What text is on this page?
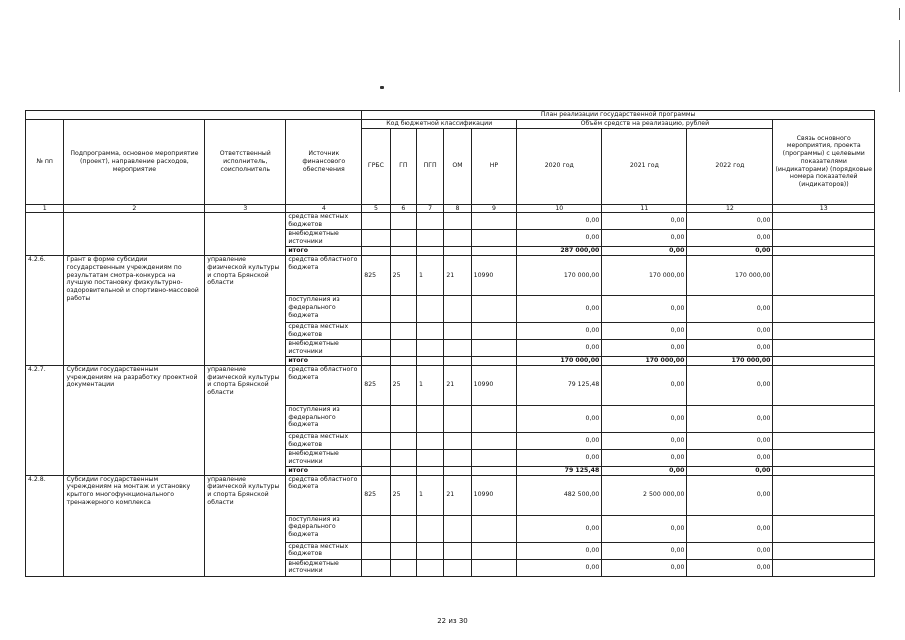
				План реализации государственной программы								
№ пп	Подпрограмма, основное мероприятие (проект), направление расходов, мероприятие	Ответственный исполнитель, соисполнитель	Источник финансового обеспечения	Код бюджетной классификации					Объём средств на реализацию, рублей			Связь основного мероприятия, проекта (программы) с целевыми показателями (индикаторами) (порядковые номера показателей (индикаторов))
				ГРБС	ГП	ПГП	ОМ	НР	2020 год	2021 год	2022 год	
1	2	3	4	5	6	7	8	9	10	11	12	13
			средства местных бюджетов						0,00	0,00	0,00	
			внебюджетные источники						0,00	0,00	0,00	
			итого						287 000,00	0,00	0,00	
4.2.6.	Грант в форме субсидии государственным учреждениям по результатам смотра-конкурса на лучшую постановку физкультурно-оздоровительной и спортивно-массовой работы	управление физической культуры и спорта Брянской области	средства областного бюджета	825	25	1	21	10990	170 000,00	170 000,00	170 000,00	
			поступления из федерального бюджета						0,00	0,00	0,00	
			средства местных бюджетов						0,00	0,00	0,00	
			внебюджетные источники						0,00	0,00	0,00	
			итого						170 000,00	170 000,00	170 000,00	
4.2.7.	Субсидии государственным учреждениям на разработку проектной документации	управление физической культуры и спорта Брянской области	средства областного бюджета	825	25	1	21	10990	79 125,48	0,00	0,00	
			поступления из федерального бюджета						0,00	0,00	0,00	
			средства местных бюджетов						0,00	0,00	0,00	
			внебюджетные источники						0,00	0,00	0,00	
			итого						79 125,48	0,00	0,00	
4.2.8.	Субсидии государственным учреждениям на монтаж и установку крытого многофункционального тренажерного комплекса	управление физической культуры и спорта Брянской области	средства областного бюджета	825	25	1	21	10990	482 500,00	2 500 000,00	0,00	
			поступления из федерального бюджета						0,00	0,00	0,00	
			средства местных бюджетов						0,00	0,00	0,00	
			внебюджетные источники						0,00	0,00	0,00	
22 из 30
